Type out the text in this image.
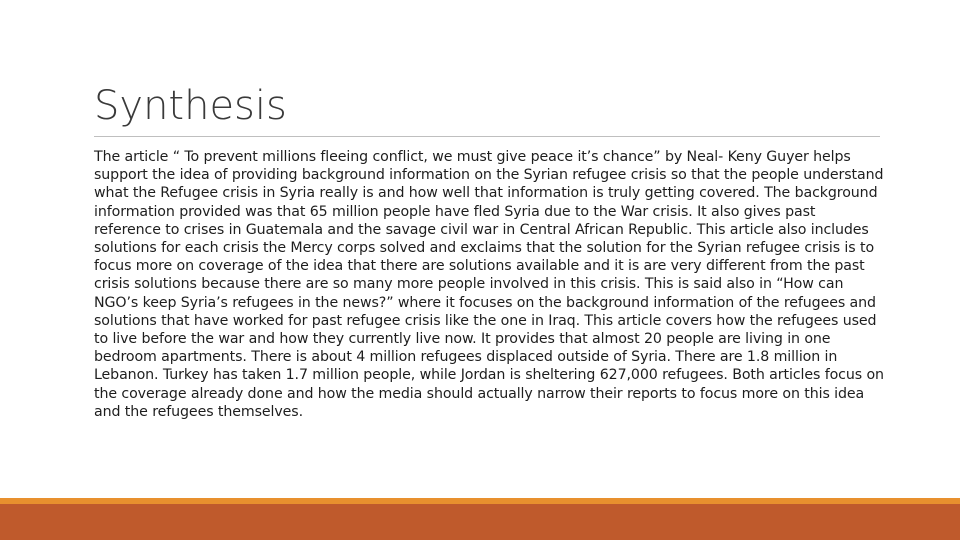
Synthesis

The article “ To prevent millions fleeing conflict, we must give peace it’s chance” by Neal- Keny Guyer helps support the idea of providing background information on the Syrian refugee crisis so that the people understand what the Refugee crisis in Syria really is and how well that information is truly getting covered. The background information provided was that 65 million people have fled Syria due to the War crisis. It also gives past reference to crises in Guatemala and the savage civil war in Central African Republic. This article also includes solutions for each crisis the Mercy corps solved and exclaims that the solution for the Syrian refugee crisis is to focus more on coverage of the idea that there are solutions available and it is are very different from the past crisis solutions because there are so many more people involved in this crisis. This is said also in “How can NGO’s keep Syria’s refugees in the news?” where it focuses on the background information of the refugees and solutions that have worked for past refugee crisis like the one in Iraq. This article covers how the refugees used to live before the war and how they currently live now. It provides that almost 20 people are living in one bedroom apartments. There is about 4 million refugees displaced outside of Syria. There are 1.8 million in Lebanon. Turkey has taken 1.7 million people, while Jordan is sheltering 627,000 refugees. Both articles focus on the coverage already done and how the media should actually narrow their reports to focus more on this idea and the refugees themselves.
